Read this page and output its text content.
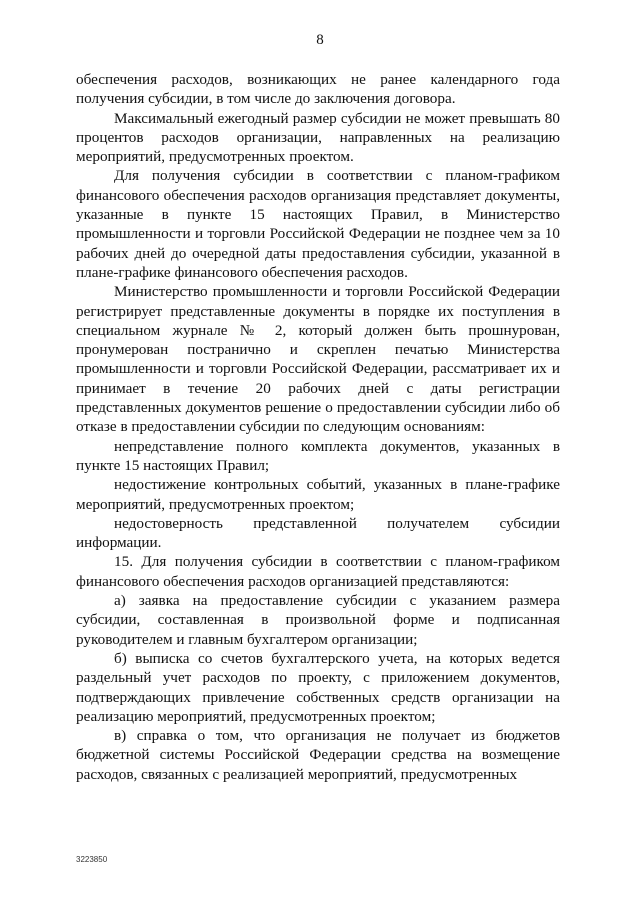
8

обеспечения расходов, возникающих не ранее календарного года получения субсидии, в том числе до заключения договора.

Максимальный ежегодный размер субсидии не может превышать 80 процентов расходов организации, направленных на реализацию мероприятий, предусмотренных проектом.

Для получения субсидии в соответствии с планом-графиком финансового обеспечения расходов организация представляет документы, указанные в пункте 15 настоящих Правил, в Министерство промышленности и торговли Российской Федерации не позднее чем за 10 рабочих дней до очередной даты предоставления субсидии, указанной в плане-графике финансового обеспечения расходов.

Министерство промышленности и торговли Российской Федерации регистрирует представленные документы в порядке их поступления в специальном журнале № 2, который должен быть прошнурован, пронумерован постранично и скреплен печатью Министерства промышленности и торговли Российской Федерации, рассматривает их и принимает в течение 20 рабочих дней с даты регистрации представленных документов решение о предоставлении субсидии либо об отказе в предоставлении субсидии по следующим основаниям:

непредставление полного комплекта документов, указанных в пункте 15 настоящих Правил;

недостижение контрольных событий, указанных в плане-графике мероприятий, предусмотренных проектом;

недостоверность представленной получателем субсидии информации.

15. Для получения субсидии в соответствии с планом-графиком финансового обеспечения расходов организацией представляются:

а) заявка на предоставление субсидии с указанием размера субсидии, составленная в произвольной форме и подписанная руководителем и главным бухгалтером организации;

б) выписка со счетов бухгалтерского учета, на которых ведется раздельный учет расходов по проекту, с приложением документов, подтверждающих привлечение собственных средств организации на реализацию мероприятий, предусмотренных проектом;

в) справка о том, что организация не получает из бюджетов бюджетной системы Российской Федерации средства на возмещение расходов, связанных с реализацией мероприятий, предусмотренных

3223850
